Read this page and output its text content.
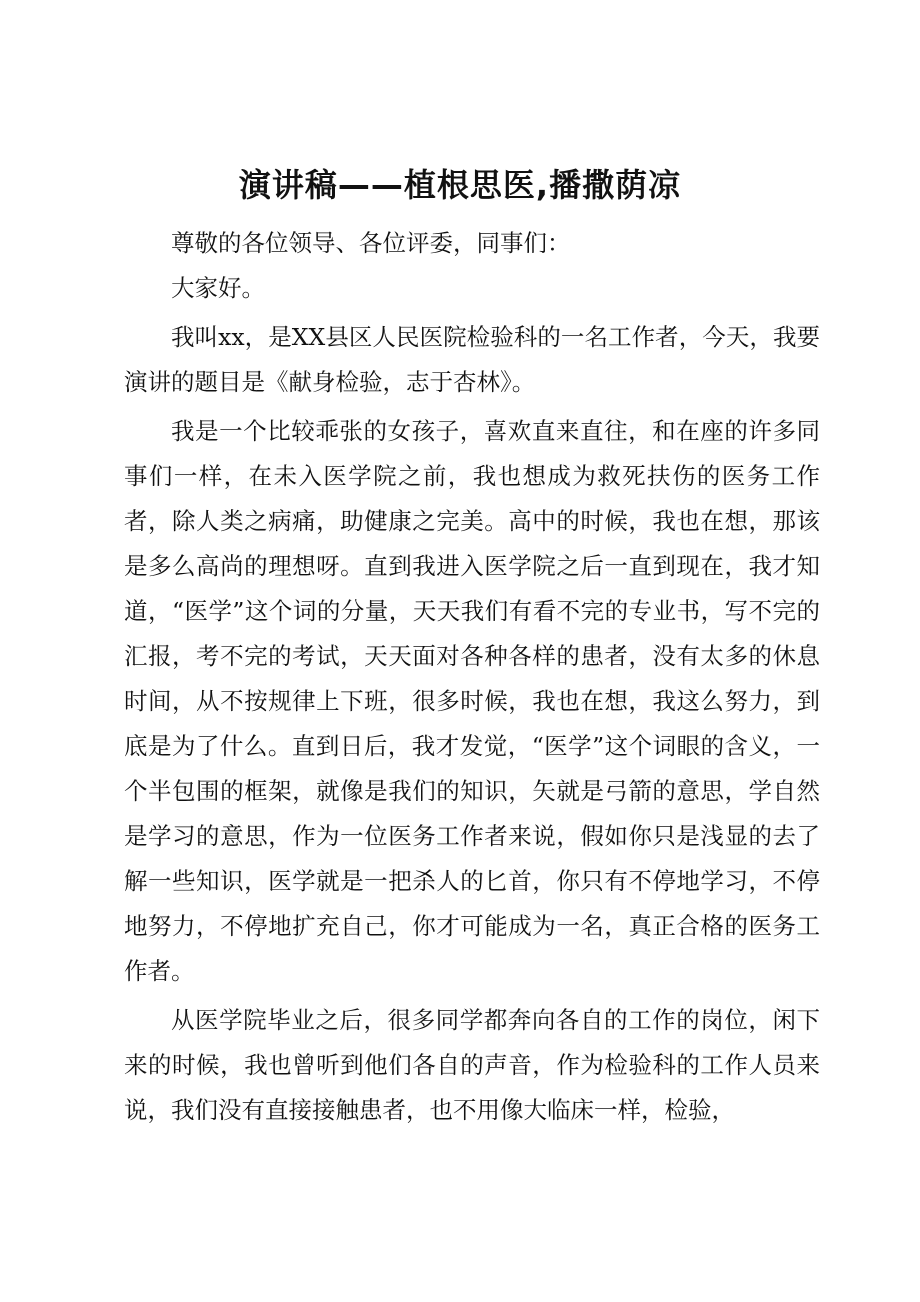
演讲稿——植根思医,播撒荫凉

尊敬的各位领导、各位评委，同事们：

大家好。

我叫xx，是XX县区人民医院检验科的一名工作者，今天，我要演讲的题目是《献身检验，志于杏林》。

我是一个比较乖张的女孩子，喜欢直来直往，和在座的许多同事们一样，在未入医学院之前，我也想成为救死扶伤的医务工作者，除人类之病痛，助健康之完美。高中的时候，我也在想，那该是多么高尚的理想呀。直到我进入医学院之后一直到现在，我才知道，“医学”这个词的分量，天天我们有看不完的专业书，写不完的汇报，考不完的考试，天天面对各种各样的患者，没有太多的休息时间，从不按规律上下班，很多时候，我也在想，我这么努力，到底是为了什么。直到日后，我才发觉，“医学”这个词眼的含义，一个半包围的框架，就像是我们的知识，矢就是弓箭的意思，学自然是学习的意思，作为一位医务工作者来说，假如你只是浅显的去了解一些知识，医学就是一把杀人的匕首，你只有不停地学习，不停地努力，不停地扩充自己，你才可能成为一名，真正合格的医务工作者。

从医学院毕业之后，很多同学都奔向各自的工作的岗位，闲下来的时候，我也曾听到他们各自的声音，作为检验科的工作人员来说，我们没有直接接触患者，也不用像大临床一样，检验，
